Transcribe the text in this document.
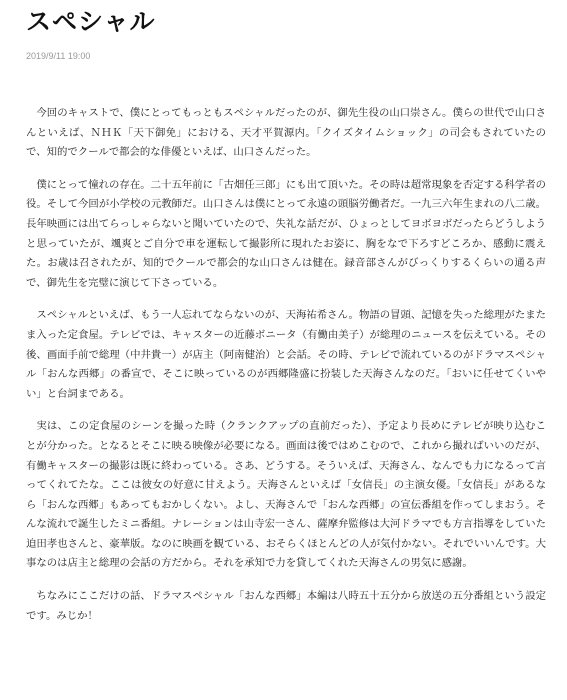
スペシャル
2019/9/11 19:00

今回のキャストで、僕にとってもっともスペシャルだったのが、御先生役の山口崇さん。僕らの世代で山口さんといえば、ＮＨＫ「天下御免」における、天才平賀源内。「クイズタイムショック」の司会もされていたので、知的でクールで都会的な俳優といえば、山口さんだった。

僕にとって憧れの存在。二十五年前に「古畑任三郎」にも出て頂いた。その時は超常現象を否定する科学者の役。そして今回が小学校の元教師だ。山口さんは僕にとって永遠の頭脳労働者だ。一九三六年生まれの八二歳。長年映画には出てらっしゃらないと聞いていたので、失礼な話だが、ひょっとしてヨボヨボだったらどうしようと思っていたが、颯爽とご自分で車を運転して撮影所に現れたお姿に、胸をなで下ろすどころか、感動に震えた。お歳は召されたが、知的でクールで都会的な山口さんは健在。録音部さんがびっくりするくらいの通る声で、御先生を完璧に演じて下さっている。

スペシャルといえば、もう一人忘れてならないのが、天海祐希さん。物語の冒頭、記憶を失った総理がたまたま入った定食屋。テレビでは、キャスターの近藤ボニータ（有働由美子）が総理のニュースを伝えている。その後、画面手前で総理（中井貴一）が店主（阿南健治）と会話。その時、テレビで流れているのがドラマスペシャル「おんな西郷」の番宣で、そこに映っているのが西郷隆盛に扮装した天海さんなのだ。「おいに任せてくいやい」と台詞まである。

実は、この定食屋のシーンを撮った時（クランクアップの直前だった）、予定より長めにテレビが映り込むことが分かった。となるとそこに映る映像が必要になる。画面は後ではめこむので、これから撮ればいいのだが、有働キャスターの撮影は既に終わっている。さあ、どうする。そういえば、天海さん、なんでも力になるって言ってくれてたな。ここは彼女の好意に甘えよう。天海さんといえば「女信長」の主演女優。「女信長」があるなら「おんな西郷」もあってもおかしくない。よし、天海さんで「おんな西郷」の宣伝番組を作ってしまおう。そんな流れで誕生したミニ番組。ナレーションは山寺宏一さん、薩摩弁監修は大河ドラマでも方言指導をしていた迫田孝也さんと、豪華版。なのに映画を観ている、おそらくほとんどの人が気付かない。それでいいんです。大事なのは店主と総理の会話の方だから。それを承知で力を貸してくれた天海さんの男気に感謝。

ちなみにここだけの話、ドラマスペシャル「おんな西郷」本編は八時五十五分から放送の五分番組という設定です。みじか！
